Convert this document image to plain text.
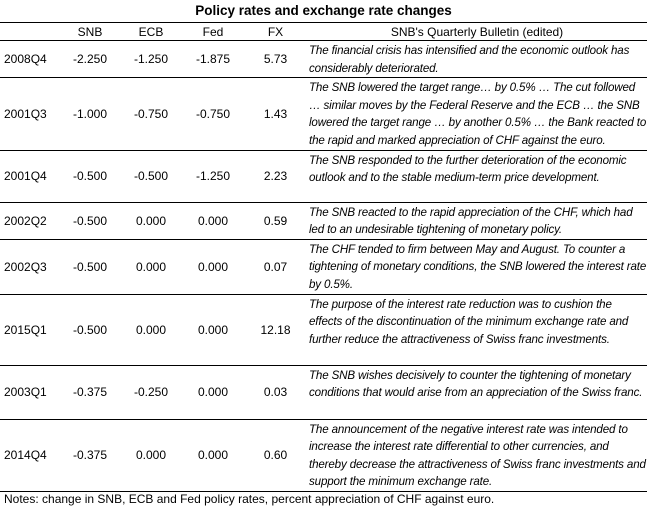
Policy rates and exchange rate changes
	SNB	ECB	Fed	FX	SNB's Quarterly Bulletin (edited)
2008Q4	-2.250	-1.250	-1.875	5.73	The financial crisis has intensified and the economic outlook has considerably deteriorated.
2001Q3	-1.000	-0.750	-0.750	1.43	The SNB lowered the target range… by 0.5% … The cut followed … similar moves by the Federal Reserve and the ECB … the SNB lowered the target range … by another 0.5% … the Bank reacted to the rapid and marked appreciation of CHF against the euro.
2001Q4	-0.500	-0.500	-1.250	2.23	The SNB responded to the further deterioration of the economic outlook and to the stable medium-term price development.
2002Q2	-0.500	0.000	0.000	0.59	The SNB reacted to the rapid appreciation of the CHF, which had led to an undesirable tightening of monetary policy.
2002Q3	-0.500	0.000	0.000	0.07	The CHF tended to firm between May and August. To counter a tightening of monetary conditions, the SNB lowered the interest rate by 0.5%.
2015Q1	-0.500	0.000	0.000	12.18	The purpose of the interest rate reduction was to cushion the effects of the discontinuation of the minimum exchange rate and further reduce the attractiveness of Swiss franc investments.
2003Q1	-0.375	-0.250	0.000	0.03	The SNB wishes decisively to counter the tightening of monetary conditions that would arise from an appreciation of the Swiss franc.
2014Q4	-0.375	0.000	0.000	0.60	The announcement of the negative interest rate was intended to increase the interest rate differential to other currencies, and thereby decrease the attractiveness of Swiss franc investments and support the minimum exchange rate.
Notes: change in SNB, ECB and Fed policy rates, percent appreciation of CHF against euro.
